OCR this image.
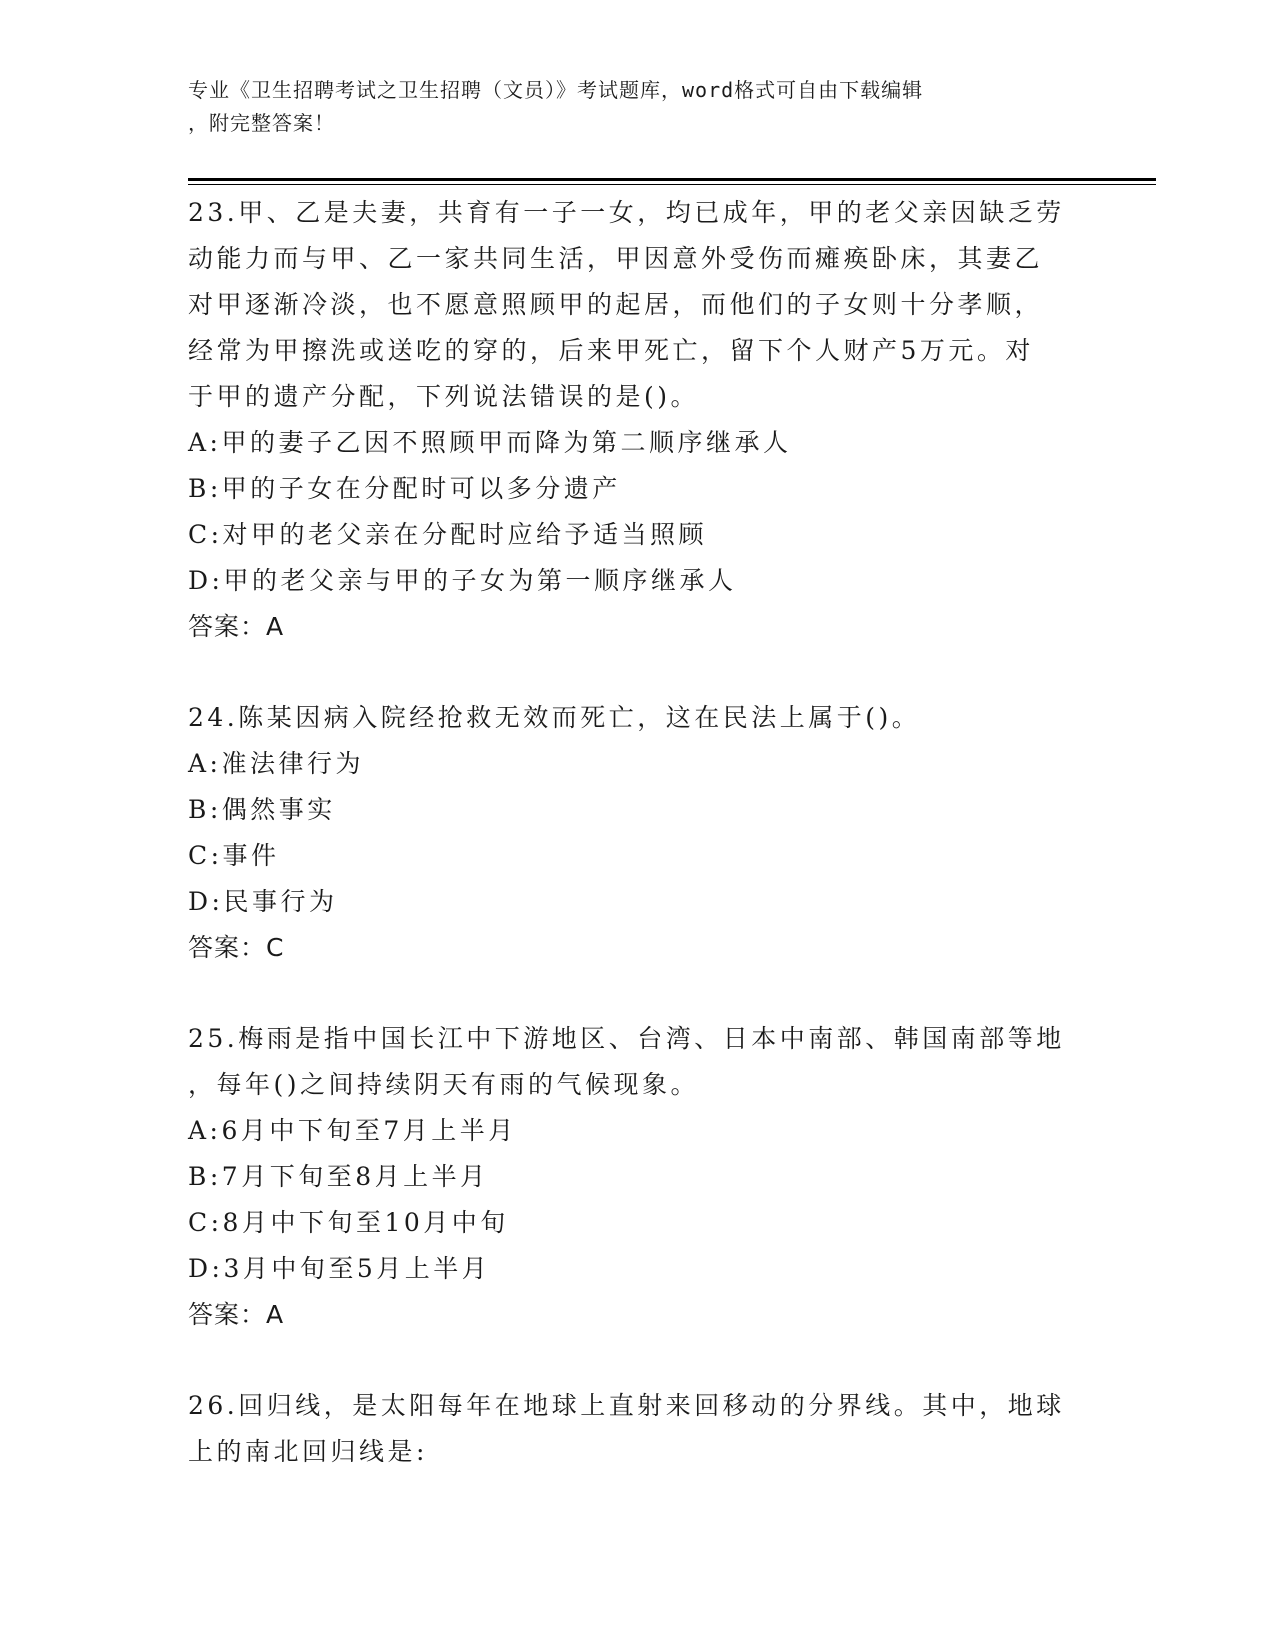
专业《卫生招聘考试之卫生招聘（文员）》考试题库，word格式可自由下载编辑
，附完整答案！

23.甲、乙是夫妻，共育有一子一女，均已成年，甲的老父亲因缺乏劳

动能力而与甲、乙一家共同生活，甲因意外受伤而瘫痪卧床，其妻乙

对甲逐渐冷淡，也不愿意照顾甲的起居，而他们的子女则十分孝顺，

经常为甲擦洗或送吃的穿的，后来甲死亡，留下个人财产5万元。对

于甲的遗产分配，下列说法错误的是()。

A:甲的妻子乙因不照顾甲而降为第二顺序继承人

B:甲的子女在分配时可以多分遗产

C:对甲的老父亲在分配时应给予适当照顾

D:甲的老父亲与甲的子女为第一顺序继承人

答案：A

24.陈某因病入院经抢救无效而死亡，这在民法上属于()。

A:准法律行为

B:偶然事实

C:事件

D:民事行为

答案：C

25.梅雨是指中国长江中下游地区、台湾、日本中南部、韩国南部等地

，每年()之间持续阴天有雨的气候现象。

A:6月中下旬至7月上半月

B:7月下旬至8月上半月

C:8月中下旬至10月中旬

D:3月中旬至5月上半月

答案：A

26.回归线，是太阳每年在地球上直射来回移动的分界线。其中，地球

上的南北回归线是:
